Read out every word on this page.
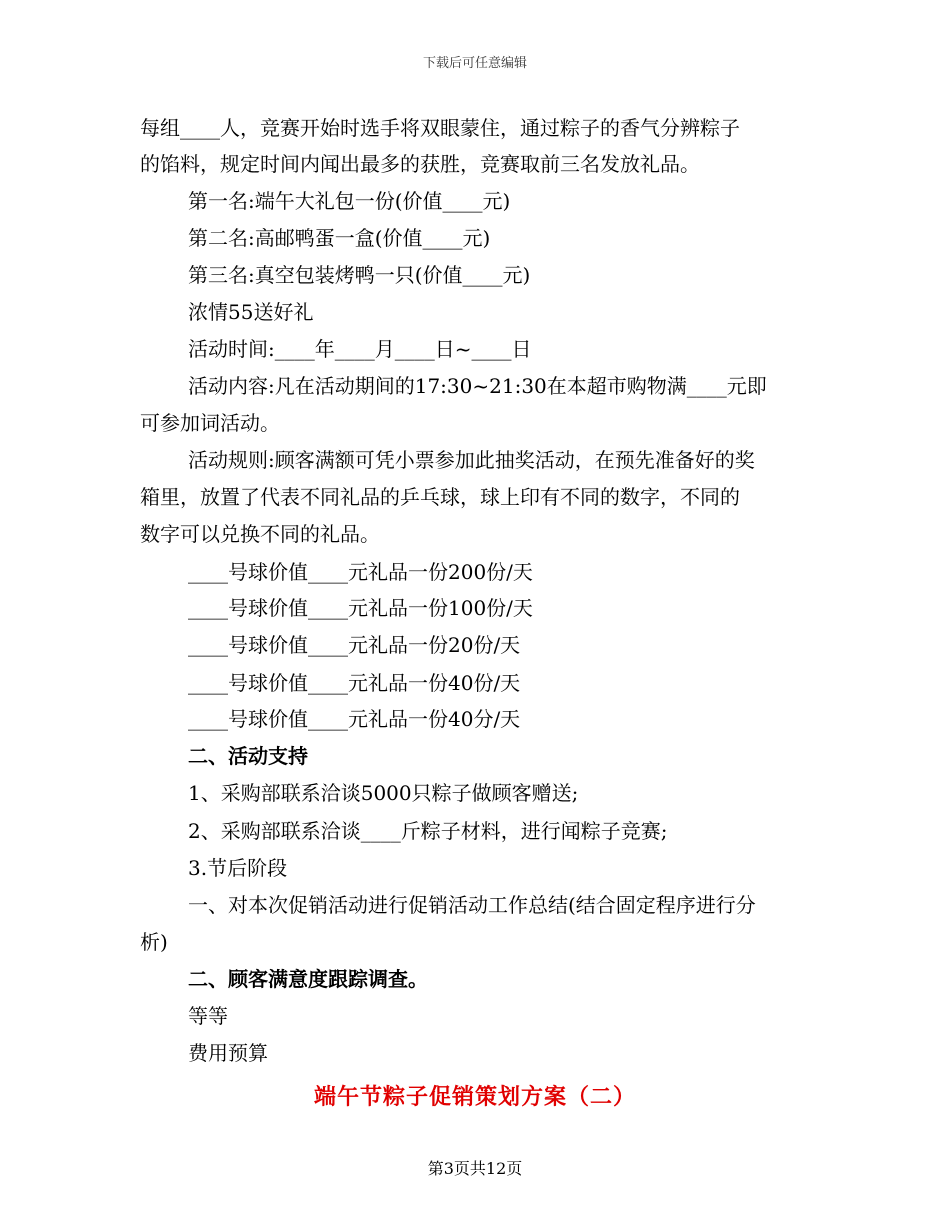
下载后可任意编辑
每组____人，竞赛开始时选手将双眼蒙住，通过粽子的香气分辨粽子
的馅料，规定时间内闻出最多的获胜，竞赛取前三名发放礼品。
第一名:端午大礼包一份(价值____元)
第二名:高邮鸭蛋一盒(价值____元)
第三名:真空包装烤鸭一只(价值____元)
浓情55送好礼
活动时间:____年____月____日~____日
活动内容:凡在活动期间的17:30~21:30在本超市购物满____元即
可参加词活动。
活动规则:顾客满额可凭小票参加此抽奖活动，在预先准备好的奖
箱里，放置了代表不同礼品的乒乓球，球上印有不同的数字，不同的
数字可以兑换不同的礼品。
____号球价值____元礼品一份200份/天
____号球价值____元礼品一份100份/天
____号球价值____元礼品一份20份/天
____号球价值____元礼品一份40份/天
____号球价值____元礼品一份40分/天
二、活动支持
1、采购部联系洽谈5000只粽子做顾客赠送;
2、采购部联系洽谈____斤粽子材料，进行闻粽子竞赛;
3.节后阶段
一、对本次促销活动进行促销活动工作总结(结合固定程序进行分
析)
二、顾客满意度跟踪调查。
等等
费用预算
端午节粽子促销策划方案（二）
第3页共12页
